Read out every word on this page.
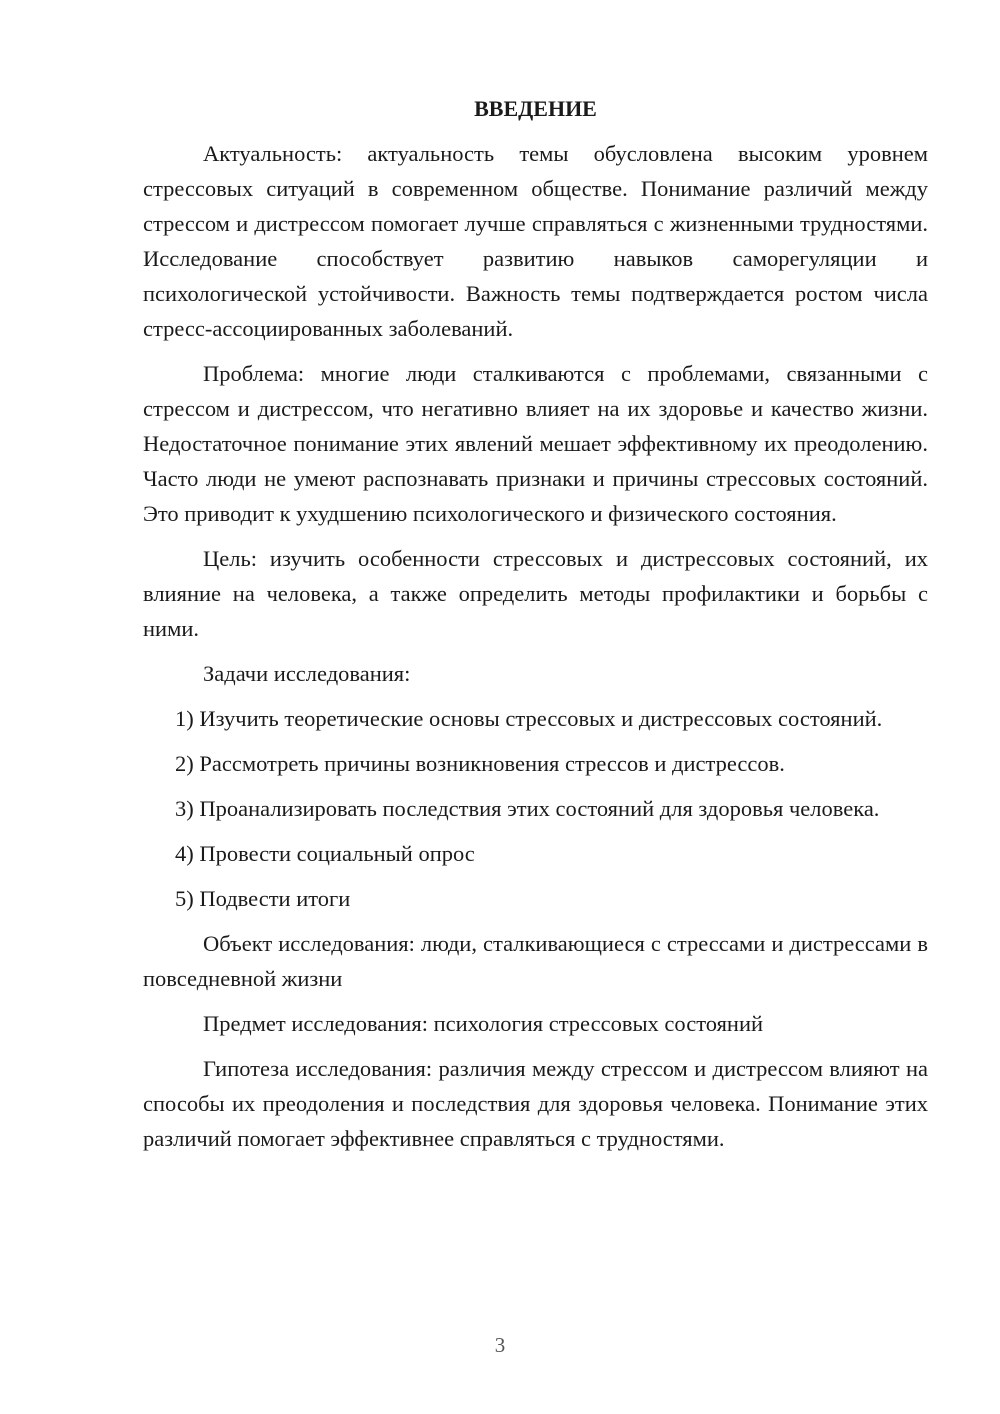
ВВЕДЕНИЕ

Актуальность: актуальность темы обусловлена высоким уровнем стрессовых ситуаций в современном обществе. Понимание различий между стрессом и дистрессом помогает лучше справляться с жизненными трудностями. Исследование способствует развитию навыков саморегуляции и психологической устойчивости. Важность темы подтверждается ростом числа стресс-ассоциированных заболеваний.

Проблема: многие люди сталкиваются с проблемами, связанными с стрессом и дистрессом, что негативно влияет на их здоровье и качество жизни. Недостаточное понимание этих явлений мешает эффективному их преодолению. Часто люди не умеют распознавать признаки и причины стрессовых состояний. Это приводит к ухудшению психологического и физического состояния.

Цель: изучить особенности стрессовых и дистрессовых состояний, их влияние на человека, а также определить методы профилактики и борьбы с ними.

Задачи исследования:

1) Изучить теоретические основы стрессовых и дистрессовых состояний.

2) Рассмотреть причины возникновения стрессов и дистрессов.

3) Проанализировать последствия этих состояний для здоровья человека.

4) Провести социальный опрос

5) Подвести итоги

Объект исследования: люди, сталкивающиеся с стрессами и дистрессами в повседневной жизни

Предмет исследования: психология стрессовых состояний

Гипотеза исследования: различия между стрессом и дистрессом влияют на способы их преодоления и последствия для здоровья человека. Понимание этих различий помогает эффективнее справляться с трудностями.

3
